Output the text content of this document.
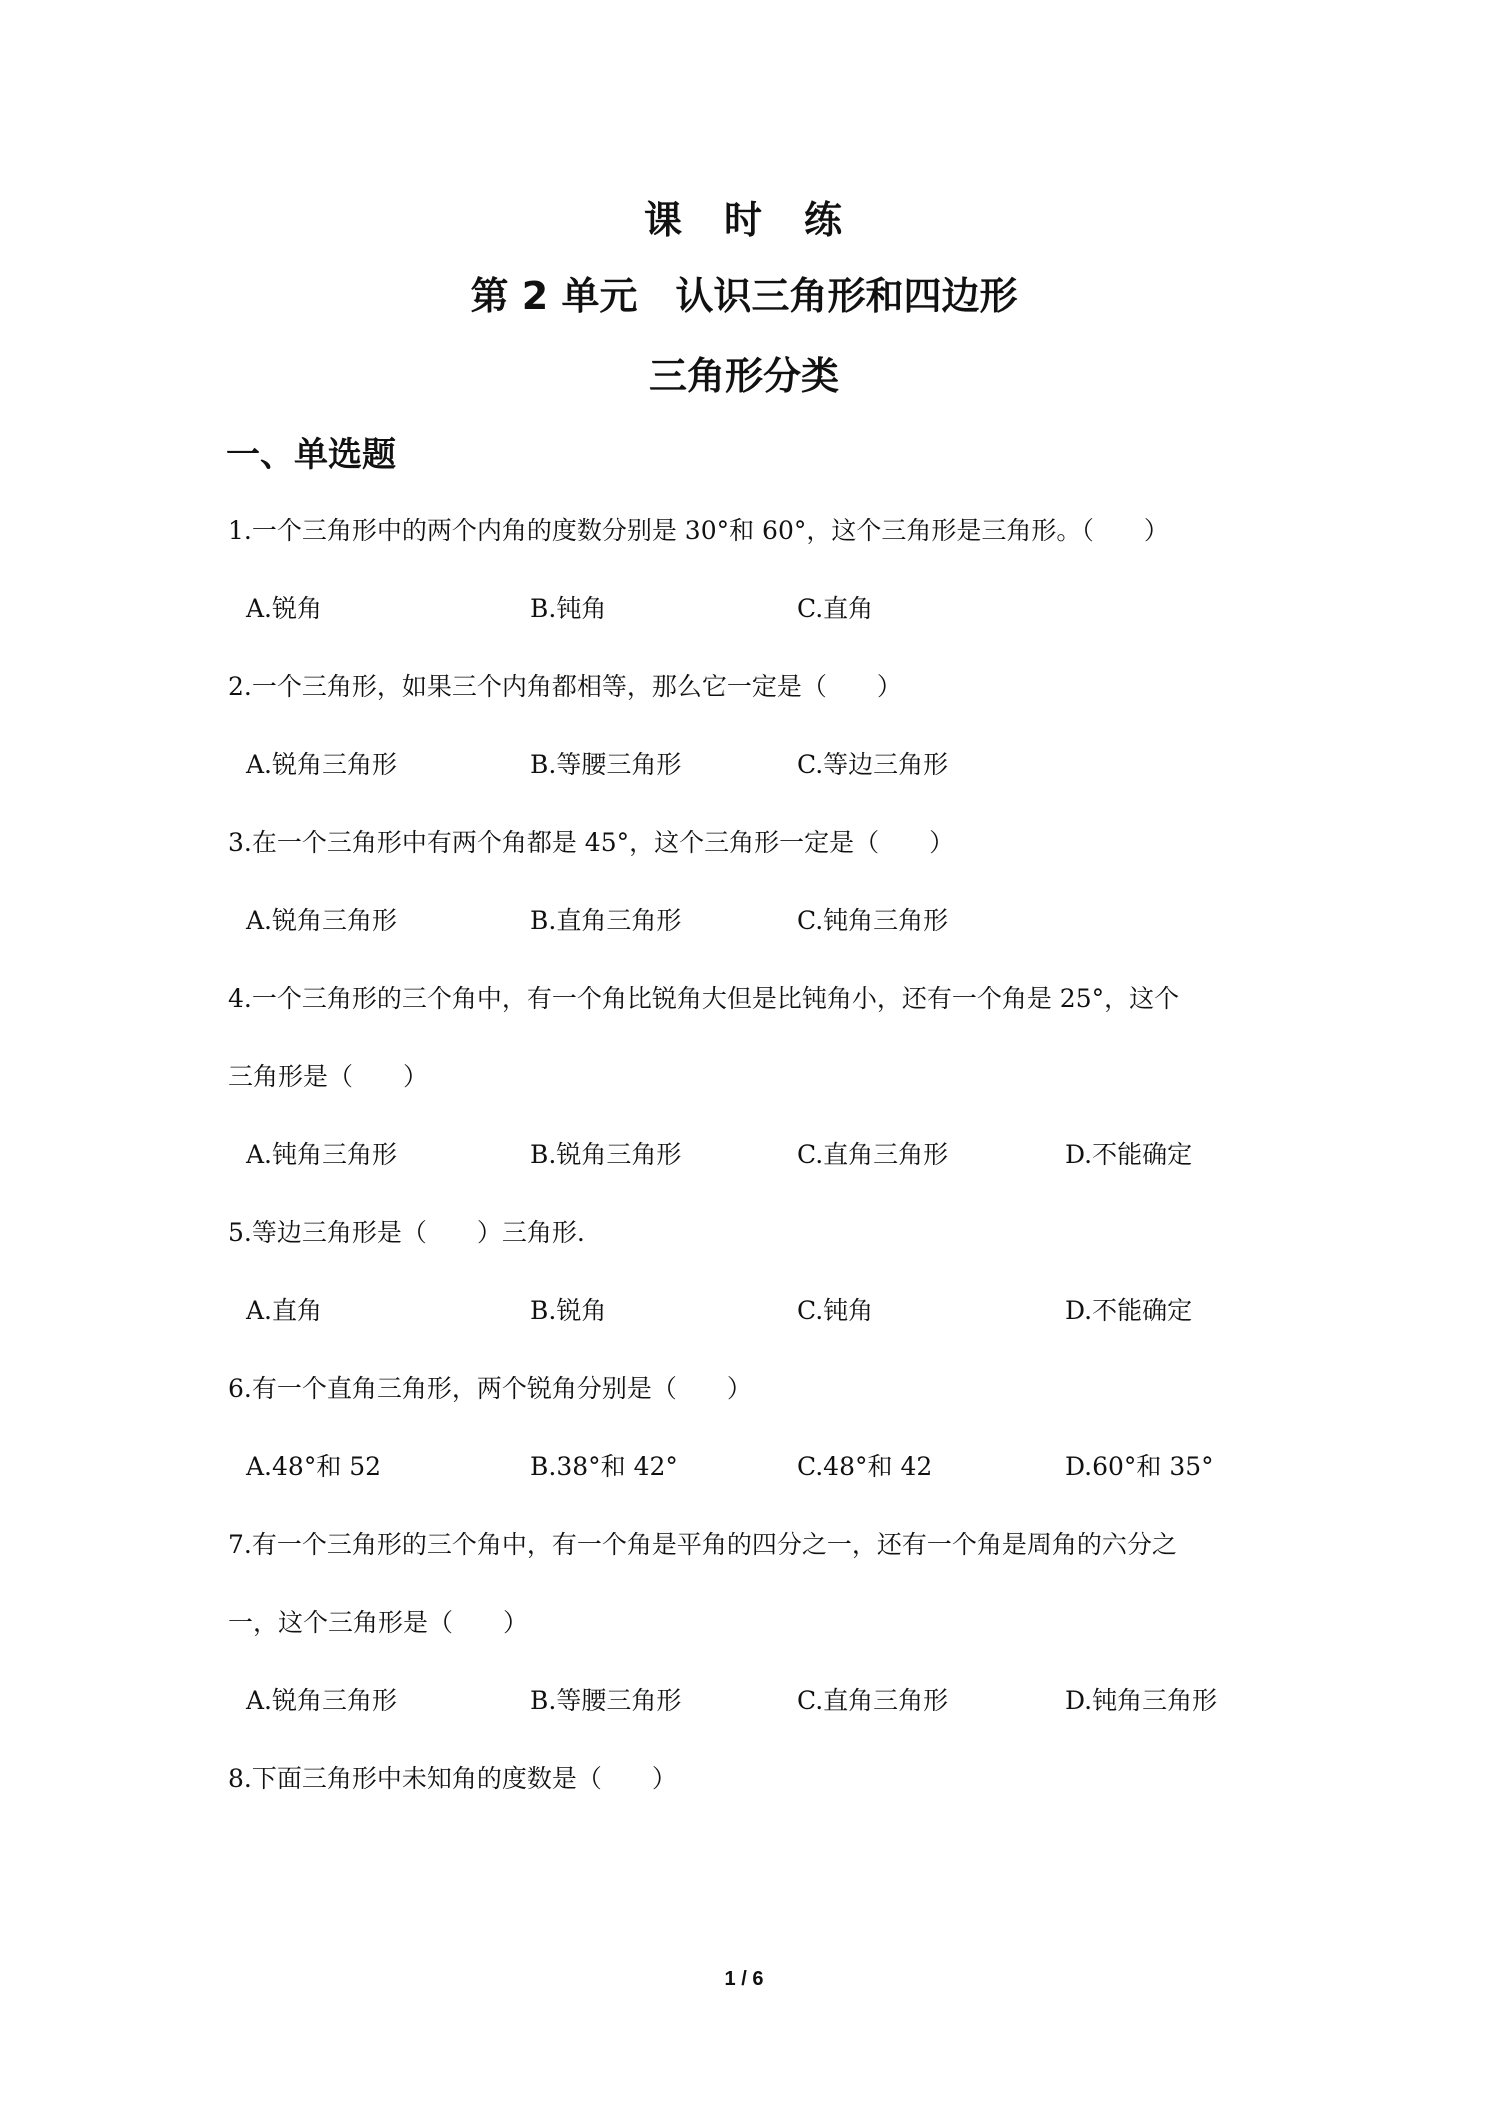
课　时　练
第 2 单元　认识三角形和四边形
三角形分类
一、单选题
1.一个三角形中的两个内角的度数分别是 30°和 60°，这个三角形是三角形。（　　）
A.锐角	B.钝角	C.直角
2.一个三角形，如果三个内角都相等，那么它一定是（　　）
A.锐角三角形	B.等腰三角形	C.等边三角形
3.在一个三角形中有两个角都是 45°，这个三角形一定是（　　）
A.锐角三角形	B.直角三角形	C.钝角三角形
4.一个三角形的三个角中，有一个角比锐角大但是比钝角小，还有一个角是 25°，这个
三角形是（　　）
A.钝角三角形	B.锐角三角形	C.直角三角形	D.不能确定
5.等边三角形是（　　）三角形.
A.直角	B.锐角	C.钝角	D.不能确定
6.有一个直角三角形，两个锐角分别是（　　）
A.48°和 52	B.38°和 42°	C.48°和 42	D.60°和 35°
7.有一个三角形的三个角中，有一个角是平角的四分之一，还有一个角是周角的六分之
一，这个三角形是（　　）
A.锐角三角形	B.等腰三角形	C.直角三角形	D.钝角三角形
8.下面三角形中未知角的度数是（　　）
1 / 6
